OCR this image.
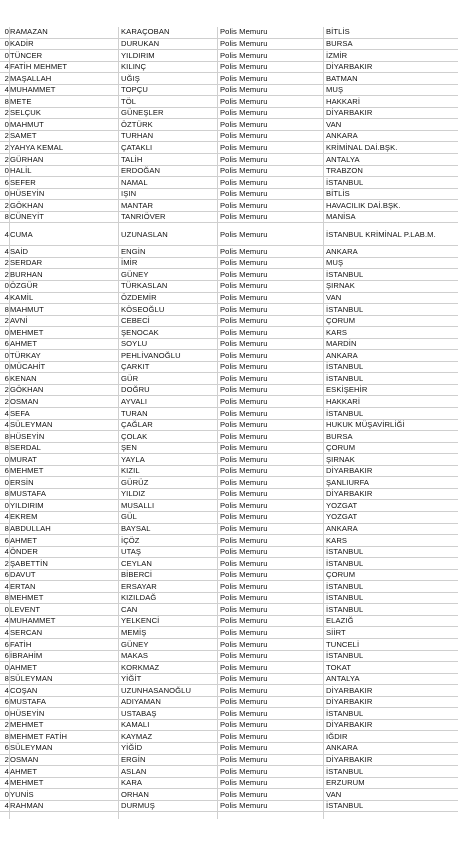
0 RAMAZAN	KARAÇOBAN	Polis Memuru	BİTLİS
0 KADİR	DURUKAN	Polis Memuru	BURSA
0 TÜNCER	YILDIRIM	Polis Memuru	İZMİR
4 FATİH MEHMET	KILINÇ	Polis Memuru	DİYARBAKIR
2 MAŞALLAH	UĞIŞ	Polis Memuru	BATMAN
4 MUHAMMET	TOPÇU	Polis Memuru	MUŞ
8 METE	TÖL	Polis Memuru	HAKKARİ
2 SELÇUK	GÜNEŞLER	Polis Memuru	DİYARBAKIR
0 MAHMUT	ÖZTÜRK	Polis Memuru	VAN
2 SAMET	TURHAN	Polis Memuru	ANKARA
2 YAHYA KEMAL	ÇATAKLI	Polis Memuru	KRİMİNAL DAİ.BŞK.
2 GÜRHAN	TALİH	Polis Memuru	ANTALYA
0 HALİL	ERDOĞAN	Polis Memuru	TRABZON
6 SEFER	NAMAL	Polis Memuru	İSTANBUL
0 HÜSEYİN	IŞIN	Polis Memuru	BİTLİS
2 GÖKHAN	MANTAR	Polis Memuru	HAVACILIK DAİ.BŞK.
8 CÜNEYİT	TANRIÖVER	Polis Memuru	MANİSA
4 CUMA	UZUNASLAN	Polis Memuru	İSTANBUL KRİMİNAL P.LAB.M.
4 SAİD	ENGİN	Polis Memuru	ANKARA
2 SERDAR	İMİR	Polis Memuru	MUŞ
2 BURHAN	GÜNEY	Polis Memuru	İSTANBUL
0 ÖZGÜR	TÜRKASLAN	Polis Memuru	ŞIRNAK
4 KAMİL	ÖZDEMİR	Polis Memuru	VAN
8 MAHMUT	KÖSEOĞLU	Polis Memuru	İSTANBUL
2 AVNİ	CEBECİ	Polis Memuru	ÇORUM
0 MEHMET	ŞENOCAK	Polis Memuru	KARS
6 AHMET	SOYLU	Polis Memuru	MARDİN
0 TÜRKAY	PEHLİVANOĞLU	Polis Memuru	ANKARA
0 MÜCAHİT	ÇARKIT	Polis Memuru	İSTANBUL
6 KENAN	GÜR	Polis Memuru	İSTANBUL
2 GÖKHAN	DOĞRU	Polis Memuru	ESKİŞEHİR
2 OSMAN	AYVALI	Polis Memuru	HAKKARİ
4 SEFA	TURAN	Polis Memuru	İSTANBUL
4 SÜLEYMAN	ÇAĞLAR	Polis Memuru	HUKUK MÜŞAVİRLİĞİ
8 HÜSEYİN	ÇOLAK	Polis Memuru	BURSA
8 SERDAL	ŞEN	Polis Memuru	ÇORUM
0 MURAT	YAYLA	Polis Memuru	ŞIRNAK
6 MEHMET	KIZIL	Polis Memuru	DİYARBAKIR
0 ERSİN	GÜRÜZ	Polis Memuru	ŞANLIURFA
8 MUSTAFA	YILDIZ	Polis Memuru	DİYARBAKIR
0 YILDIRIM	MUSALLI	Polis Memuru	YOZGAT
4 EKREM	GÜL	Polis Memuru	YOZGAT
8 ABDULLAH	BAYSAL	Polis Memuru	ANKARA
6 AHMET	İÇÖZ	Polis Memuru	KARS
4 ÖNDER	UTAŞ	Polis Memuru	İSTANBUL
2 ŞABETTİN	CEYLAN	Polis Memuru	İSTANBUL
6 DAVUT	BİBERCİ	Polis Memuru	ÇORUM
4 ERTAN	ERSAYAR	Polis Memuru	İSTANBUL
8 MEHMET	KIZILDAĞ	Polis Memuru	İSTANBUL
0 LEVENT	CAN	Polis Memuru	İSTANBUL
4 MUHAMMET	YELKENCİ	Polis Memuru	ELAZIĞ
4 SERCAN	MEMİŞ	Polis Memuru	SİİRT
6 FATİH	GÜNEY	Polis Memuru	TUNCELİ
6 İBRAHİM	MAKAS	Polis Memuru	İSTANBUL
0 AHMET	KORKMAZ	Polis Memuru	TOKAT
8 SÜLEYMAN	YİĞİT	Polis Memuru	ANTALYA
4 COŞAN	UZUNHASANOĞLU	Polis Memuru	DİYARBAKIR
6 MUSTAFA	ADIYAMAN	Polis Memuru	DİYARBAKIR
0 HÜSEYİN	USTABAŞ	Polis Memuru	İSTANBUL
2 MEHMET	KAMALI	Polis Memuru	DİYARBAKIR
8 MEHMET FATİH	KAYMAZ	Polis Memuru	IĞDIR
6 SÜLEYMAN	YİĞİD	Polis Memuru	ANKARA
2 OSMAN	ERGİN	Polis Memuru	DİYARBAKIR
4 AHMET	ASLAN	Polis Memuru	İSTANBUL
4 MEHMET	KARA	Polis Memuru	ERZURUM
0 YUNİS	ORHAN	Polis Memuru	VAN
4 RAHMAN	DURMUŞ	Polis Memuru	İSTANBUL
